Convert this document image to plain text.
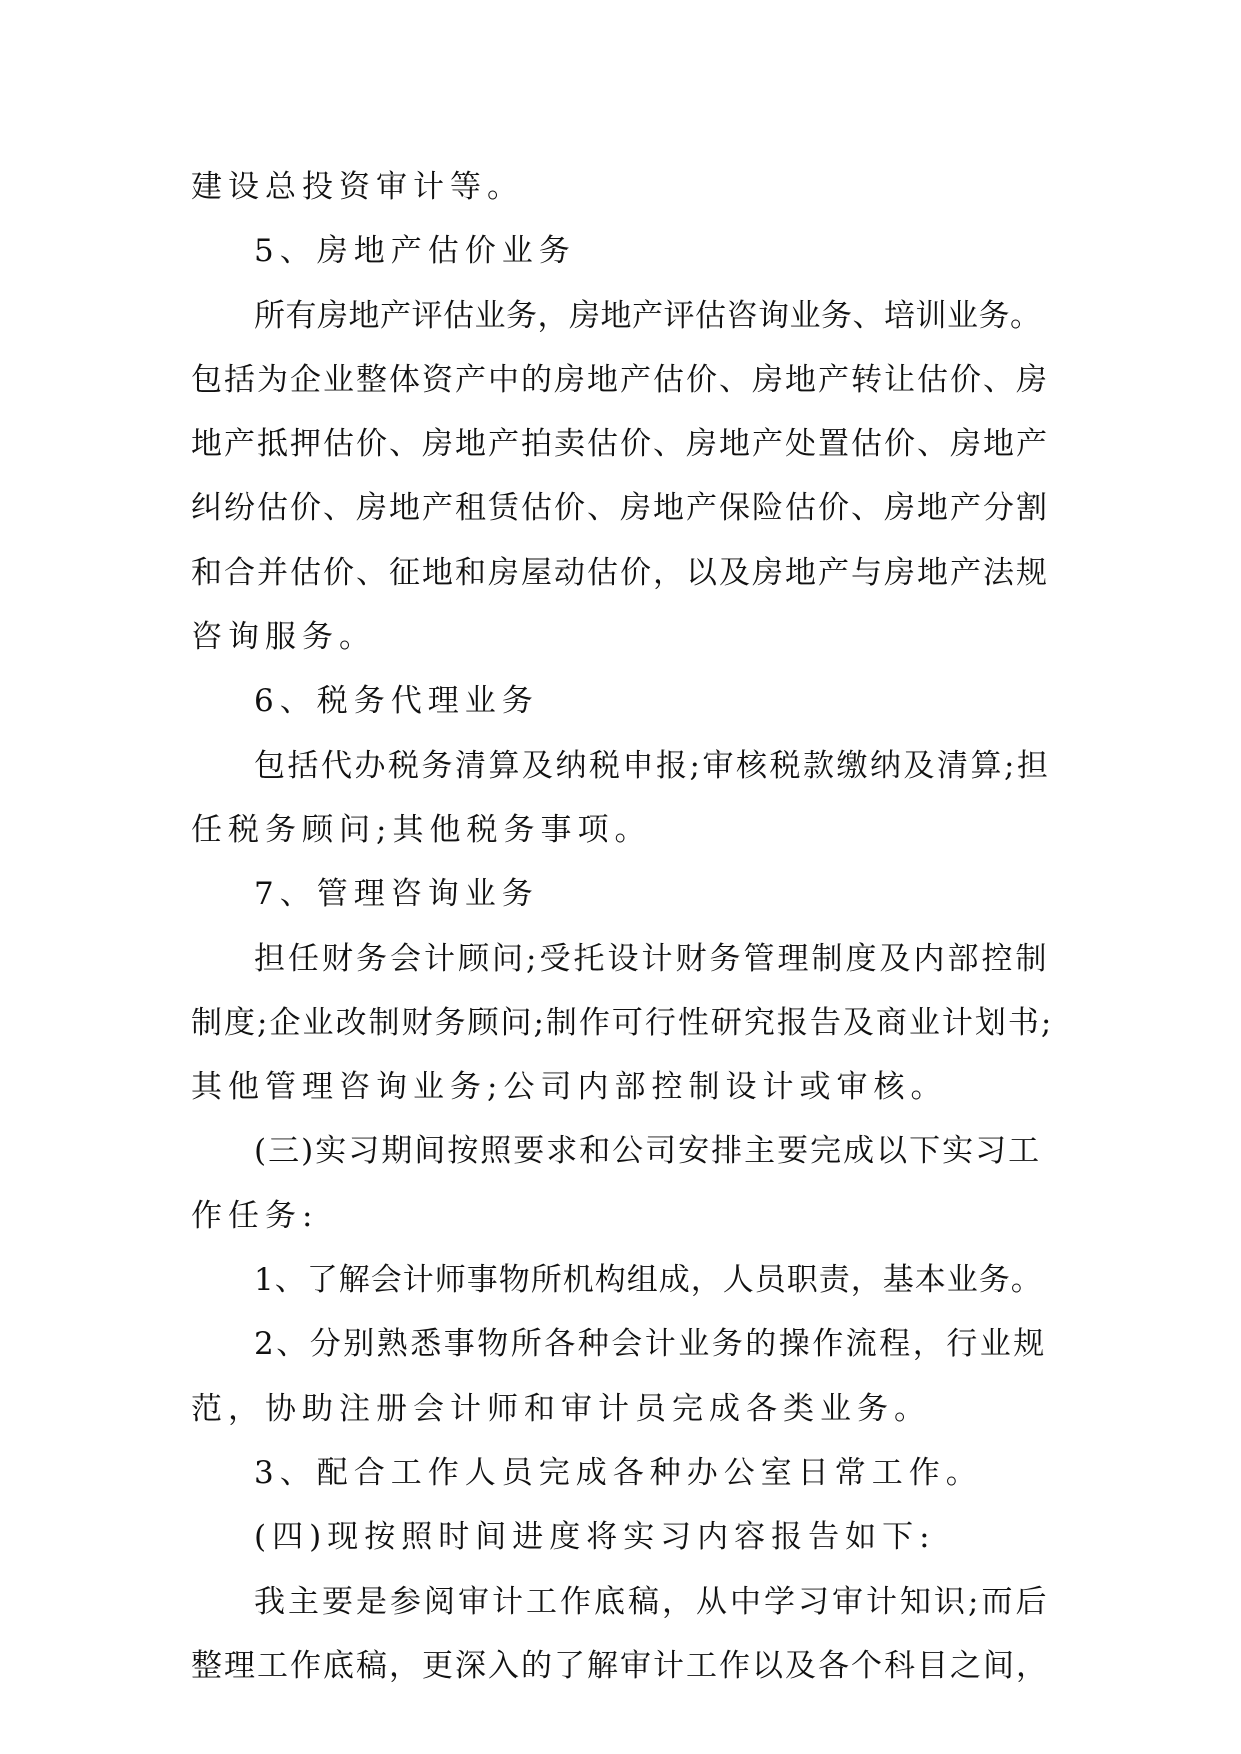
建设总投资审计等。
5、房地产估价业务
所有房地产评估业务，房地产评估咨询业务、培训业务。
包括为企业整体资产中的房地产估价、房地产转让估价、房
地产抵押估价、房地产拍卖估价、房地产处置估价、房地产
纠纷估价、房地产租赁估价、房地产保险估价、房地产分割
和合并估价、征地和房屋动估价，以及房地产与房地产法规
咨询服务。
6、税务代理业务
包括代办税务清算及纳税申报;审核税款缴纳及清算;担
任税务顾问;其他税务事项。
7、管理咨询业务
担任财务会计顾问;受托设计财务管理制度及内部控制
制度;企业改制财务顾问;制作可行性研究报告及商业计划书;
其他管理咨询业务;公司内部控制设计或审核。
(三)实习期间按照要求和公司安排主要完成以下实习工
作任务:
1、了解会计师事物所机构组成，人员职责，基本业务。
2、分别熟悉事物所各种会计业务的操作流程，行业规
范，协助注册会计师和审计员完成各类业务。
3、配合工作人员完成各种办公室日常工作。
(四)现按照时间进度将实习内容报告如下:
我主要是参阅审计工作底稿，从中学习审计知识;而后
整理工作底稿，更深入的了解审计工作以及各个科目之间，
